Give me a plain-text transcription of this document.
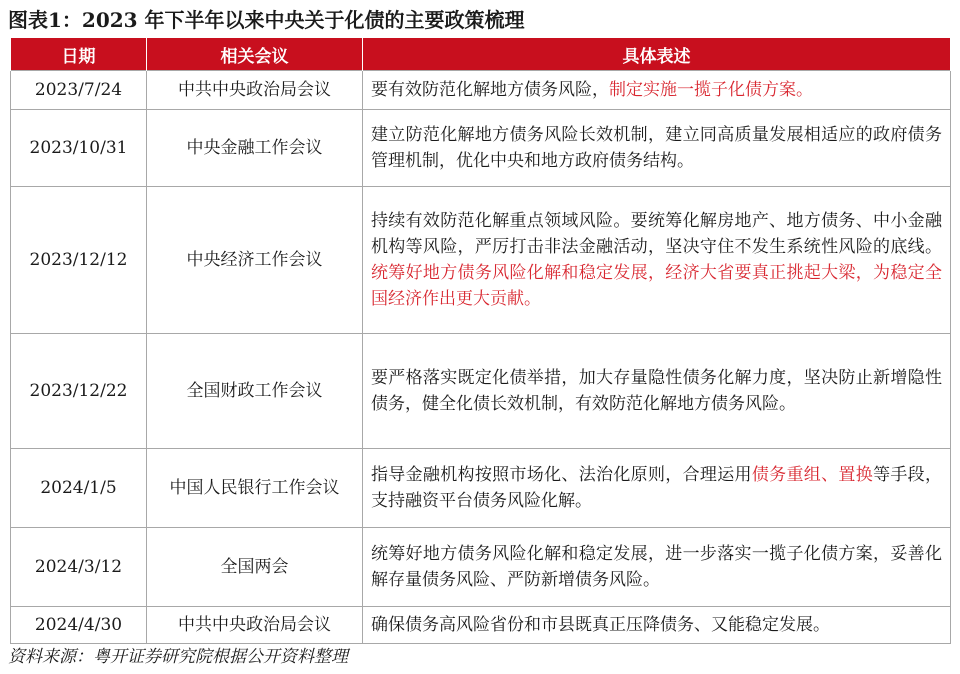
图表1：2023 年下半年以来中央关于化债的主要政策梳理
日期	相关会议	具体表述
2023/7/24	中共中央政治局会议	要有效防范化解地方债务风险，制定实施一揽子化债方案。
2023/10/31	中央金融工作会议	建立防范化解地方债务风险长效机制，建立同高质量发展相适应的政府债务管理机制，优化中央和地方政府债务结构。
2023/12/12	中央经济工作会议	持续有效防范化解重点领域风险。要统筹化解房地产、地方债务、中小金融机构等风险，严厉打击非法金融活动，坚决守住不发生系统性风险的底线。统筹好地方债务风险化解和稳定发展，经济大省要真正挑起大梁，为稳定全国经济作出更大贡献。
2023/12/22	全国财政工作会议	要严格落实既定化债举措，加大存量隐性债务化解力度，坚决防止新增隐性债务，健全化债长效机制，有效防范化解地方债务风险。
2024/1/5	中国人民银行工作会议	指导金融机构按照市场化、法治化原则，合理运用债务重组、置换等手段，支持融资平台债务风险化解。
2024/3/12	全国两会	统筹好地方债务风险化解和稳定发展，进一步落实一揽子化债方案，妥善化解存量债务风险、严防新增债务风险。
2024/4/30	中共中央政治局会议	确保债务高风险省份和市县既真正压降债务、又能稳定发展。
资料来源：粤开证券研究院根据公开资料整理
